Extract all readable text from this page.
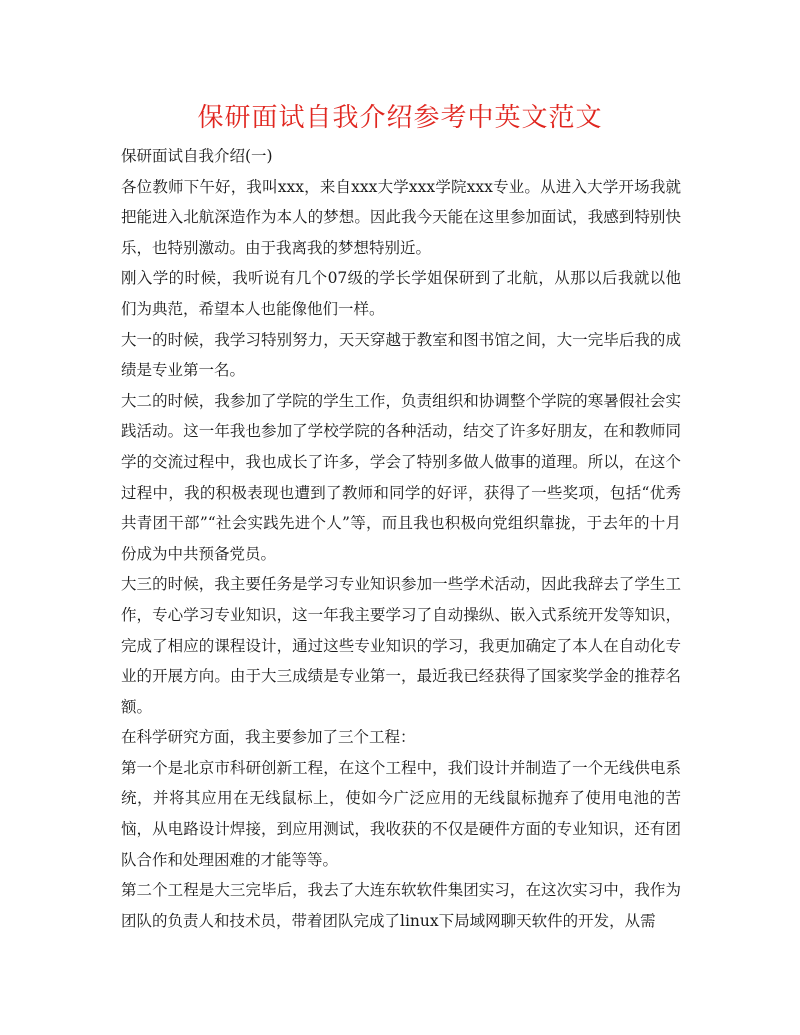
保研面试自我介绍参考中英文范文

保研面试自我介绍(一)

各位教师下午好，我叫xxx，来自xxx大学xxx学院xxx专业。从进入大学开场我就把能进入北航深造作为本人的梦想。因此我今天能在这里参加面试，我感到特别快乐，也特别激动。由于我离我的梦想特别近。

刚入学的时候，我听说有几个07级的学长学姐保研到了北航，从那以后我就以他们为典范，希望本人也能像他们一样。

大一的时候，我学习特别努力，天天穿越于教室和图书馆之间，大一完毕后我的成绩是专业第一名。

大二的时候，我参加了学院的学生工作，负责组织和协调整个学院的寒暑假社会实践活动。这一年我也参加了学校学院的各种活动，结交了许多好朋友，在和教师同学的交流过程中，我也成长了许多，学会了特别多做人做事的道理。所以，在这个过程中，我的积极表现也遭到了教师和同学的好评，获得了一些奖项，包括“优秀共青团干部”“社会实践先进个人”等，而且我也积极向党组织靠拢，于去年的十月份成为中共预备党员。

大三的时候，我主要任务是学习专业知识参加一些学术活动，因此我辞去了学生工作，专心学习专业知识，这一年我主要学习了自动操纵、嵌入式系统开发等知识，完成了相应的课程设计，通过这些专业知识的学习，我更加确定了本人在自动化专业的开展方向。由于大三成绩是专业第一，最近我已经获得了国家奖学金的推荐名额。

在科学研究方面，我主要参加了三个工程：

第一个是北京市科研创新工程，在这个工程中，我们设计并制造了一个无线供电系统，并将其应用在无线鼠标上，使如今广泛应用的无线鼠标抛弃了使用电池的苦恼，从电路设计焊接，到应用测试，我收获的不仅是硬件方面的专业知识，还有团队合作和处理困难的才能等等。

第二个工程是大三完毕后，我去了大连东软软件集团实习，在这次实习中，我作为团队的负责人和技术员，带着团队完成了linux下局域网聊天软件的开发，从需
